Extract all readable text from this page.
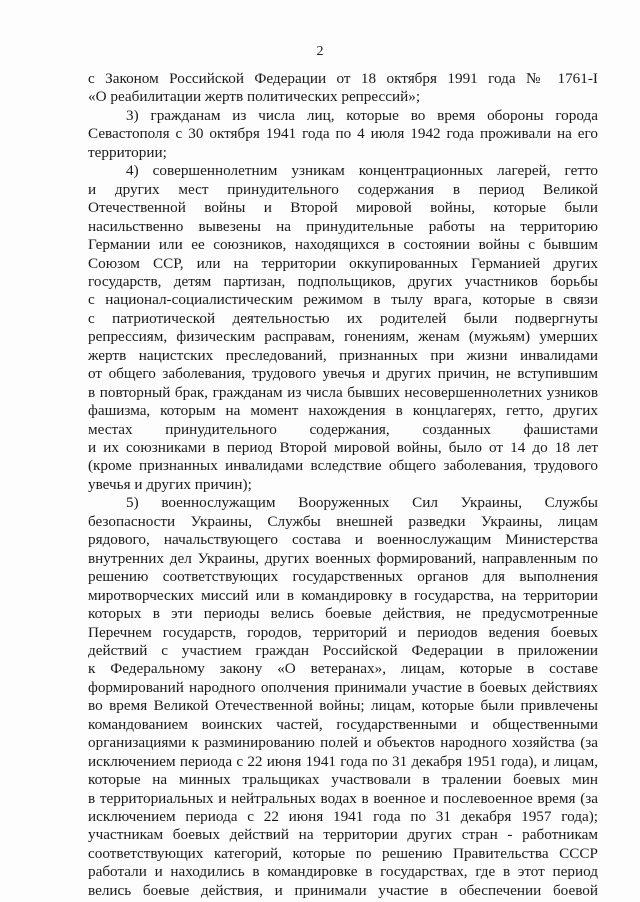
2
с Законом Российской Федерации от 18 октября 1991 года № 1761-I
«О реабилитации жертв политических репрессий»;
3) гражданам из числа лиц, которые во время обороны города
Севастополя с 30 октября 1941 года по 4 июля 1942 года проживали на его
территории;
4) совершеннолетним узникам концентрационных лагерей, гетто
и других мест принудительного содержания в период Великой
Отечественной войны и Второй мировой войны, которые были
насильственно вывезены на принудительные работы на территорию
Германии или ее союзников, находящихся в состоянии войны с бывшим
Союзом ССР, или на территории оккупированных Германией других
государств, детям партизан, подпольщиков, других участников борьбы
с национал-социалистическим режимом в тылу врага, которые в связи
с патриотической деятельностью их родителей были подвергнуты
репрессиям, физическим расправам, гонениям, женам (мужьям) умерших
жертв нацистских преследований, признанных при жизни инвалидами
от общего заболевания, трудового увечья и других причин, не вступившим
в повторный брак, гражданам из числа бывших несовершеннолетних узников
фашизма, которым на момент нахождения в концлагерях, гетто, других
местах принудительного содержания, созданных фашистами
и их союзниками в период Второй мировой войны, было от 14 до 18 лет
(кроме признанных инвалидами вследствие общего заболевания, трудового
увечья и других причин);
5) военнослужащим Вооруженных Сил Украины, Службы
безопасности Украины, Службы внешней разведки Украины, лицам
рядового, начальствующего состава и военнослужащим Министерства
внутренних дел Украины, других военных формирований, направленным по
решению соответствующих государственных органов для выполнения
миротворческих миссий или в командировку в государства, на территории
которых в эти периоды велись боевые действия, не предусмотренные
Перечнем государств, городов, территорий и периодов ведения боевых
действий с участием граждан Российской Федерации в приложении
к Федеральному закону «О ветеранах», лицам, которые в составе
формирований народного ополчения принимали участие в боевых действиях
во время Великой Отечественной войны; лицам, которые были привлечены
командованием воинских частей, государственными и общественными
организациями к разминированию полей и объектов народного хозяйства (за
исключением периода с 22 июня 1941 года по 31 декабря 1951 года), и лицам,
которые на минных тральщиках участвовали в тралении боевых мин
в территориальных и нейтральных водах в военное и послевоенное время (за
исключением периода с 22 июня 1941 года по 31 декабря 1957 года);
участникам боевых действий на территории других стран - работникам
соответствующих категорий, которые по решению Правительства СССР
работали и находились в командировке в государствах, где в этот период
велись боевые действия, и принимали участие в обеспечении боевой
